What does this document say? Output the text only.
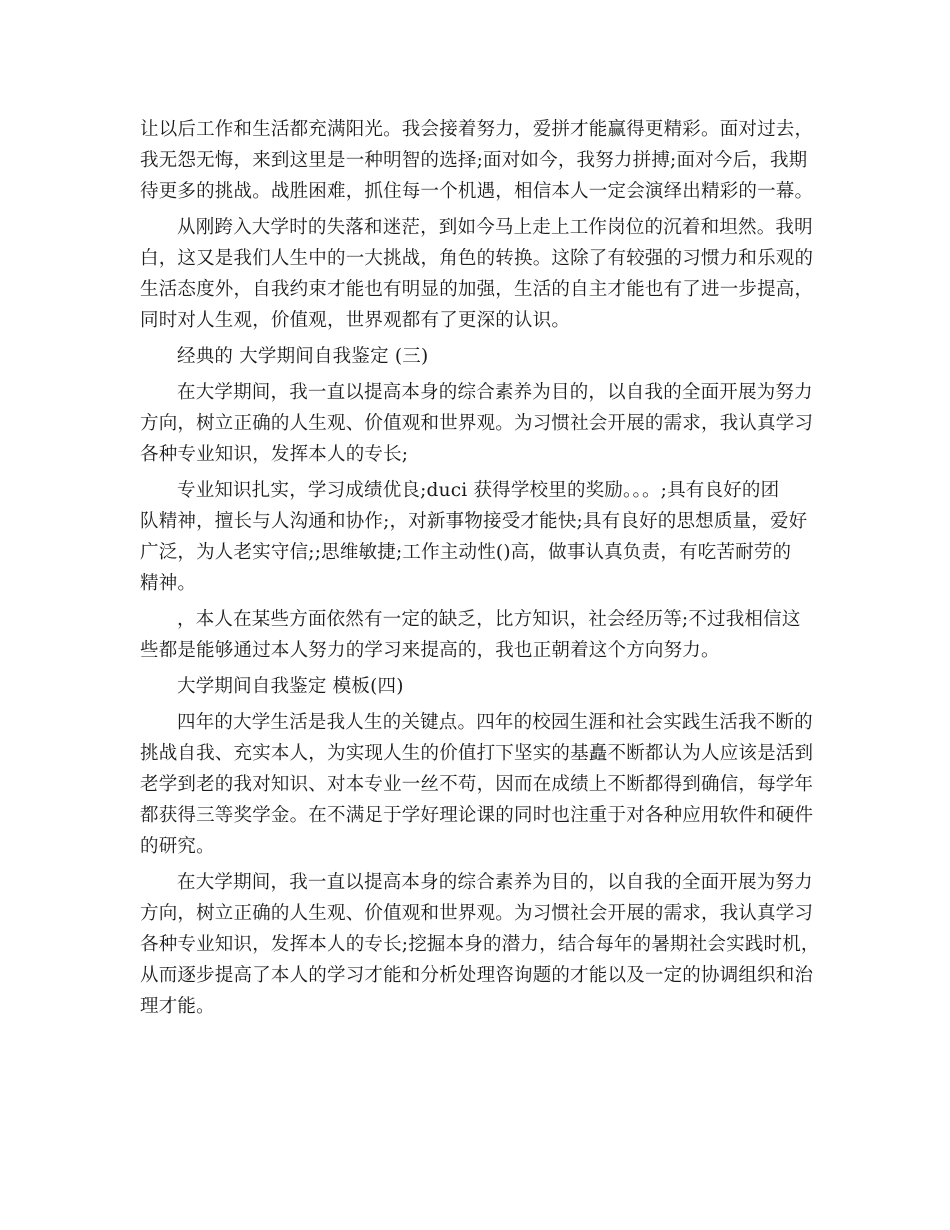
让以后工作和生活都充满阳光。我会接着努力，爱拼才能赢得更精彩。面对过去，
我无怨无悔，来到这里是一种明智的选择;面对如今，我努力拼搏;面对今后，我期
待更多的挑战。战胜困难，抓住每一个机遇，相信本人一定会演绎出精彩的一幕。
从刚跨入大学时的失落和迷茫，到如今马上走上工作岗位的沉着和坦然。我明
白，这又是我们人生中的一大挑战，角色的转换。这除了有较强的习惯力和乐观的
生活态度外，自我约束才能也有明显的加强，生活的自主才能也有了进一步提高，
同时对人生观，价值观，世界观都有了更深的认识。
经典的 大学期间自我鉴定 (三)
在大学期间，我一直以提高本身的综合素养为目的，以自我的全面开展为努力
方向，树立正确的人生观、价值观和世界观。为习惯社会开展的需求，我认真学习
各种专业知识，发挥本人的专长;
专业知识扎实，学习成绩优良;duci 获得学校里的奖励。。。;具有良好的团
队精神，擅长与人沟通和协作;，对新事物接受才能快;具有良好的思想质量，爱好
广泛，为人老实守信;;思维敏捷;工作主动性()高，做事认真负责，有吃苦耐劳的
精神。
，本人在某些方面依然有一定的缺乏，比方知识，社会经历等;不过我相信这
些都是能够通过本人努力的学习来提高的，我也正朝着这个方向努力。
大学期间自我鉴定 模板(四)
四年的大学生活是我人生的关键点。四年的校园生涯和社会实践生活我不断的
挑战自我、充实本人，为实现人生的价值打下坚实的基矗不断都认为人应该是活到
老学到老的我对知识、对本专业一丝不苟，因而在成绩上不断都得到确信，每学年
都获得三等奖学金。在不满足于学好理论课的同时也注重于对各种应用软件和硬件
的研究。
在大学期间，我一直以提高本身的综合素养为目的，以自我的全面开展为努力
方向，树立正确的人生观、价值观和世界观。为习惯社会开展的需求，我认真学习
各种专业知识，发挥本人的专长;挖掘本身的潜力，结合每年的暑期社会实践时机，
从而逐步提高了本人的学习才能和分析处理咨询题的才能以及一定的协调组织和治
理才能。
